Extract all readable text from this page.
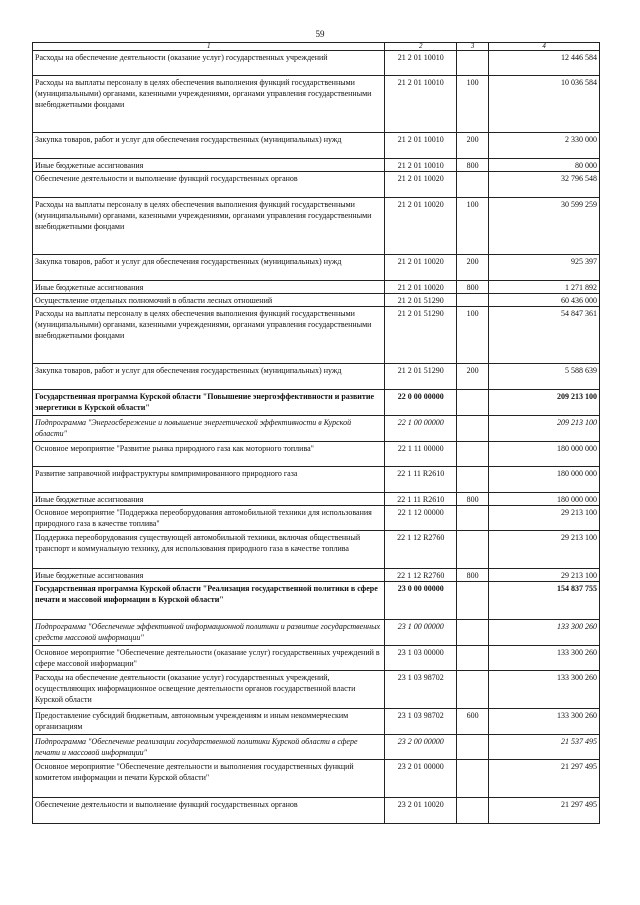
59
1	2	3	4
Расходы на обеспечение деятельности (оказание услуг) государственных учреждений	21 2 01 10010		12 446 584
Расходы на выплаты персоналу в целях обеспечения выполнения функций государственными (муниципальными) органами, казенными учреждениями, органами управления государственными внебюджетными фондами	21 2 01 10010	100	10 036 584
Закупка товаров, работ и услуг для обеспечения государственных (муниципальных) нужд	21 2 01 10010	200	2 330 000
Иные бюджетные ассигнования	21 2 01 10010	800	80 000
Обеспечение деятельности и выполнение функций государственных органов	21 2 01 10020		32 796 548
Расходы на выплаты персоналу в целях обеспечения выполнения функций государственными (муниципальными) органами, казенными учреждениями, органами управления государственными внебюджетными фондами	21 2 01 10020	100	30 599 259
Закупка товаров, работ и услуг для обеспечения государственных (муниципальных) нужд	21 2 01 10020	200	925 397
Иные бюджетные ассигнования	21 2 01 10020	800	1 271 892
Осуществление отдельных полномочий в области лесных отношений	21 2 01 51290		60 436 000
Расходы на выплаты персоналу в целях обеспечения выполнения функций государственными (муниципальными) органами, казенными учреждениями, органами управления государственными внебюджетными фондами	21 2 01 51290	100	54 847 361
Закупка товаров, работ и услуг для обеспечения государственных (муниципальных) нужд	21 2 01 51290	200	5 588 639
Государственная программа Курской области "Повышение энергоэффективности и развитие энергетики в Курской области"	22 0 00 00000		209 213 100
Подпрограмма "Энергосбережение и повышение энергетической эффективности в Курской области"	22 1 00 00000		209 213 100
Основное мероприятие "Развитие рынка природного газа как моторного топлива"	22 1 11 00000		180 000 000
Развитие заправочной инфраструктуры компримированного природного газа	22 1 11 R2610		180 000 000
Иные бюджетные ассигнования	22 1 11 R2610	800	180 000 000
Основное мероприятие "Поддержка переоборудования автомобильной техники для использования природного газа в качестве топлива"	22 1 12 00000		29 213 100
Поддержка переоборудования существующей автомобильной техники, включая общественный транспорт и коммунальную технику, для использования природного газа в качестве топлива	22 1 12 R2760		29 213 100
Иные бюджетные ассигнования	22 1 12 R2760	800	29 213 100
Государственная программа Курской области "Реализация государственной политики в сфере печати и массовой информации в Курской области"	23 0 00 00000		154 837 755
Подпрограмма "Обеспечение эффективной информационной политики и развитие государственных средств массовой информации"	23 1 00 00000		133 300 260
Основное мероприятие "Обеспечение деятельности (оказание услуг) государственных учреждений в сфере массовой информации"	23 1 03 00000		133 300 260
Расходы на обеспечение деятельности (оказание услуг) государственных учреждений, осуществляющих информационное освещение деятельности органов государственной власти Курской области	23 1 03 98702		133 300 260
Предоставление субсидий бюджетным, автономным учреждениям и иным некоммерческим организациям	23 1 03 98702	600	133 300 260
Подпрограмма "Обеспечение реализации государственной политики Курской области в сфере печати и массовой информации"	23 2 00 00000		21 537 495
Основное мероприятие "Обеспечение деятельности и выполнения государственных функций комитетом информации и печати Курской области"	23 2 01 00000		21 297 495
Обеспечение деятельности и выполнение функций государственных органов	23 2 01 10020		21 297 495
